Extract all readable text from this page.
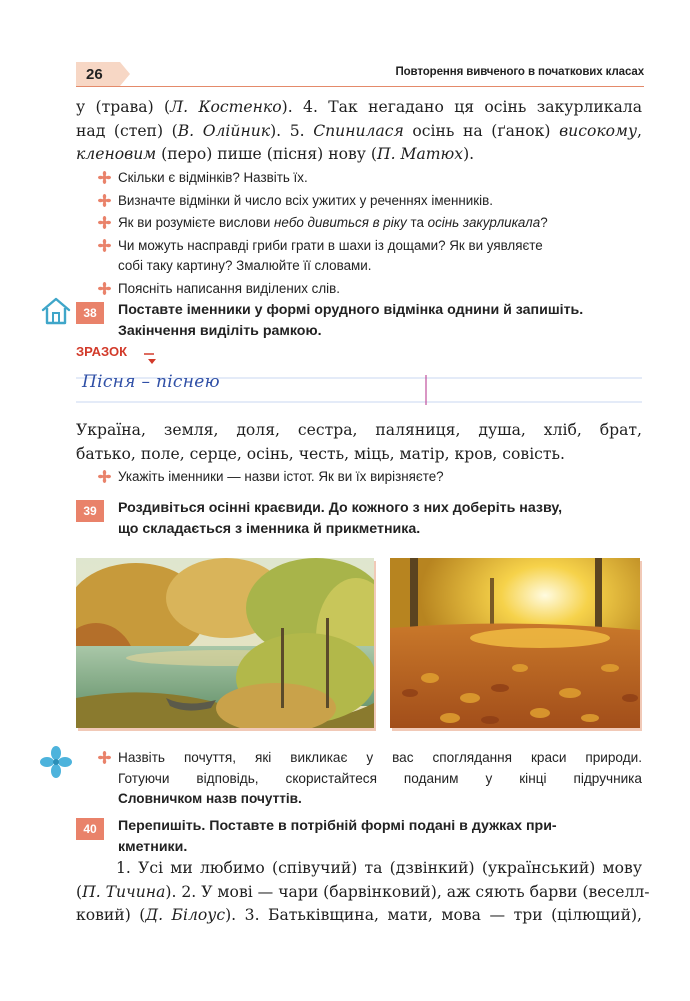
26	Повторення вивченого в початкових класах
у (трава) (Л. Костенко). 4. Так негадано ця осінь закурликала
над (степ) (В. Олійник). 5. Спинилася осінь на (ґанок) високому,
кленовим (перо) пише (пісня) нову (П. Матюх).
Скільки є відмінків? Назвіть їх.
Визначте відмінки й число всіх ужитих у реченнях іменників.
Як ви розумієте вислови небо дивиться в ріку та осінь закурликала?
Чи можуть насправді гриби грати в шахи із дощами? Як ви уявляєте
собі таку картину? Змалюйте її словами.
Поясніть написання виділених слів.
38	Поставте іменники у формі орудного відмінка однини й запишіть.
Закінчення виділіть рамкою.
ЗРАЗОК
Пісня – піснею
Україна, земля, доля, сестра, паляниця, душа, хліб, брат,
батько, поле, серце, осінь, честь, міць, матір, кров, совість.
Укажіть іменники — назви істот. Як ви їх вирізняєте?
39	Роздивіться осінні краєвиди. До кожного з них доберіть назву,
що складається з іменника й прикметника.
Назвіть почуття, які викликає у вас споглядання краси природи.
Готуючи відповідь, скористайтеся поданим у кінці підручника
Словничком назв почуттів.
40	Перепишіть. Поставте в потрібній формі подані в дужках при-
кметники.
1. Усі ми любимо (співучий) та (дзвінкий) (український) мову
(П. Тичина). 2. У мові — чари (барвінковий), аж сяють барви (веселл-
ковий) (Д. Білоус). 3. Батьківщина, мати, мова — три (цілющий),
